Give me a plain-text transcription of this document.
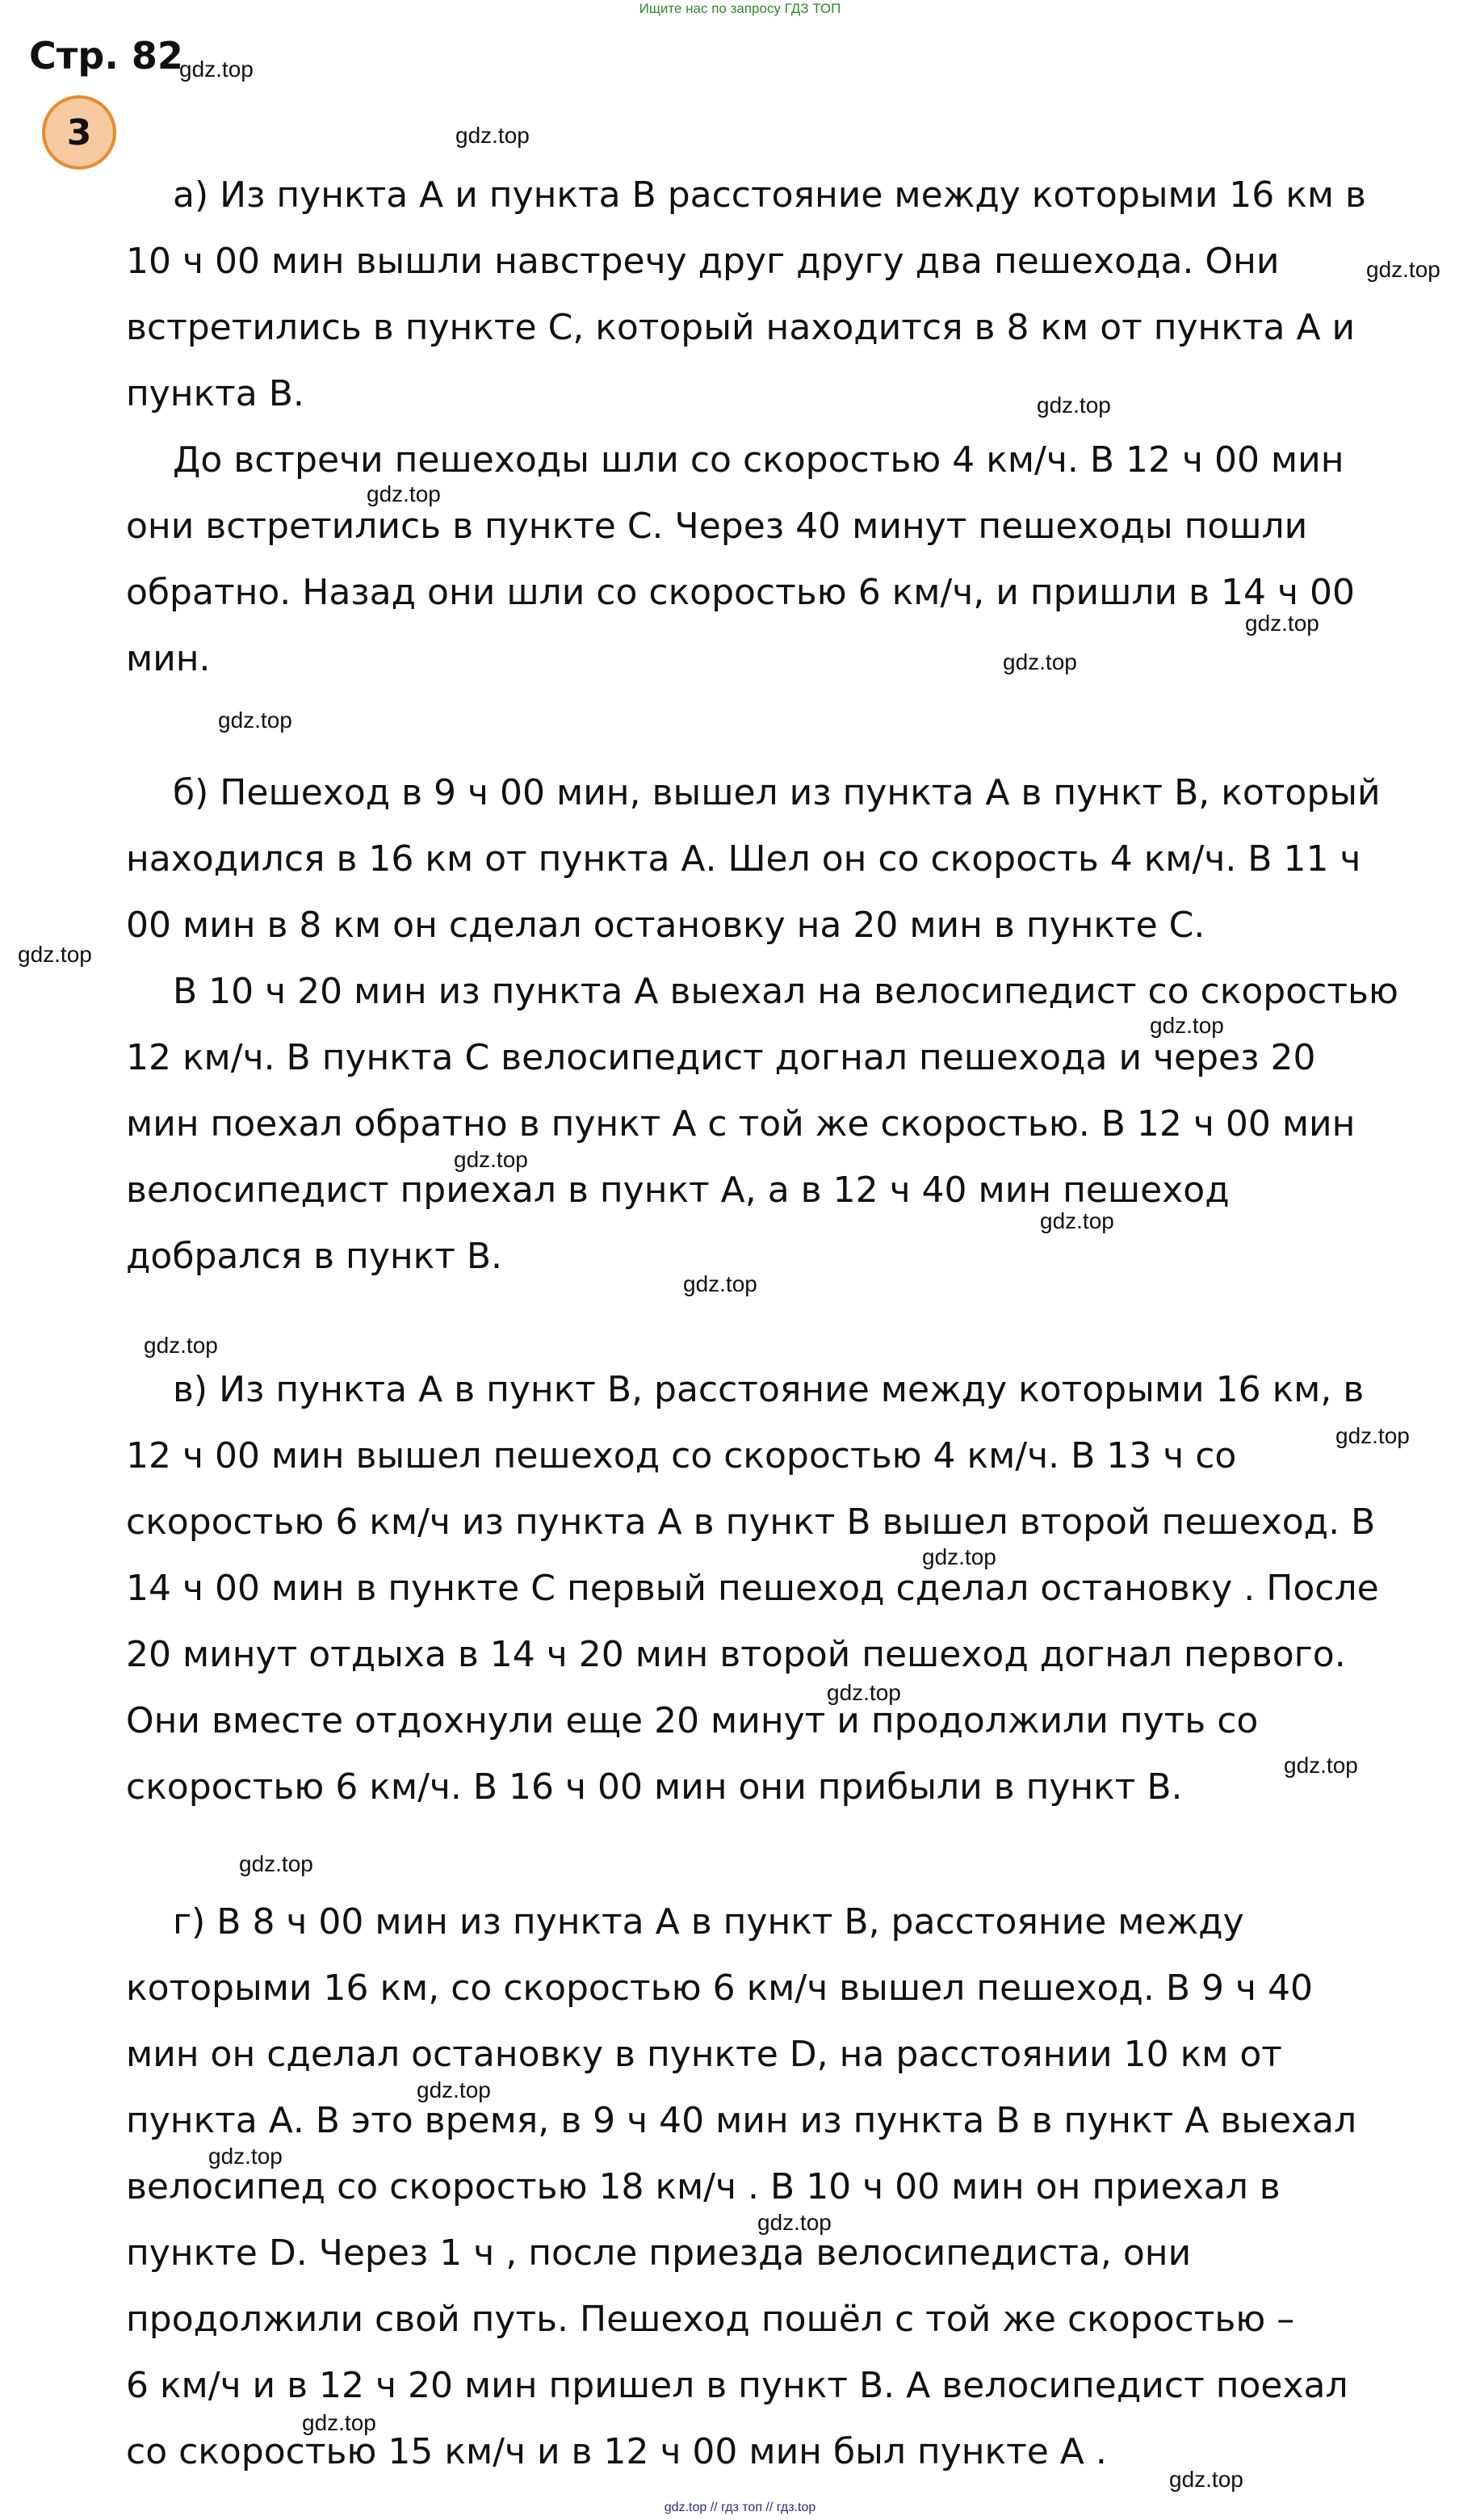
Ищите нас по запросу ГДЗ ТОП
Стр. 82
3
gdz.top
gdz.top
gdz.top
gdz.top
gdz.top
gdz.top
gdz.top
gdz.top
gdz.top
gdz.top
gdz.top
gdz.top
gdz.top
gdz.top
gdz.top
gdz.top
gdz.top
gdz.top
gdz.top
gdz.top
gdz.top
gdz.top
gdz.top
gdz.top
а) Из пункта А и пункта В расстояние между которыми 16 км в
10 ч 00 мин вышли навстречу друг другу два пешехода. Они
встретились в пункте С, который находится в 8 км от пункта А и
пункта В.
До встречи пешеходы шли со скоростью 4 км/ч. В 12 ч 00 мин
они встретились в пункте С. Через 40 минут пешеходы пошли
обратно. Назад они шли со скоростью 6 км/ч, и пришли в 14 ч 00
мин.
б) Пешеход в 9 ч 00 мин, вышел из пункта А в пункт В, который
находился в 16 км от пункта А. Шел он со скорость 4 км/ч. В 11 ч
00 мин в 8 км он сделал остановку на 20 мин в пункте С.
В 10 ч 20 мин из пункта А выехал на велосипедист со скоростью
12 км/ч. В пункта С велосипедист догнал пешехода и через 20
мин поехал обратно в пункт А с той же скоростью. В 12 ч 00 мин
велосипедист приехал в пункт А, а в 12 ч 40 мин пешеход
добрался в пункт В.
в) Из пункта А в пункт В, расстояние между которыми 16 км, в
12 ч 00 мин вышел пешеход со скоростью 4 км/ч. В 13 ч со
скоростью 6 км/ч из пункта А в пункт В вышел второй пешеход. В
14 ч 00 мин в пункте С первый пешеход сделал остановку . После
20 минут отдыха в 14 ч 20 мин второй пешеход догнал первого.
Они вместе отдохнули еще 20 минут и продолжили путь со
скоростью 6 км/ч. В 16 ч 00 мин они прибыли в пункт В.
г) В 8 ч 00 мин из пункта А в пункт В, расстояние между
которыми 16 км, со скоростью 6 км/ч вышел пешеход. В 9 ч 40
мин он сделал остановку в пункте D, на расстоянии 10 км от
пункта А. В это время, в 9 ч 40 мин из пункта В в пункт А выехал
велосипед со скоростью 18 км/ч . В 10 ч 00 мин он приехал в
пункте D. Через 1 ч , после приезда велосипедиста, они
продолжили свой путь. Пешеход пошёл с той же скоростью –
6 км/ч и в 12 ч 20 мин пришел в пункт В. А велосипедист поехал
со скоростью 15 км/ч и в 12 ч 00 мин был пункте А .
gdz.top // гдз топ // гдз.top
